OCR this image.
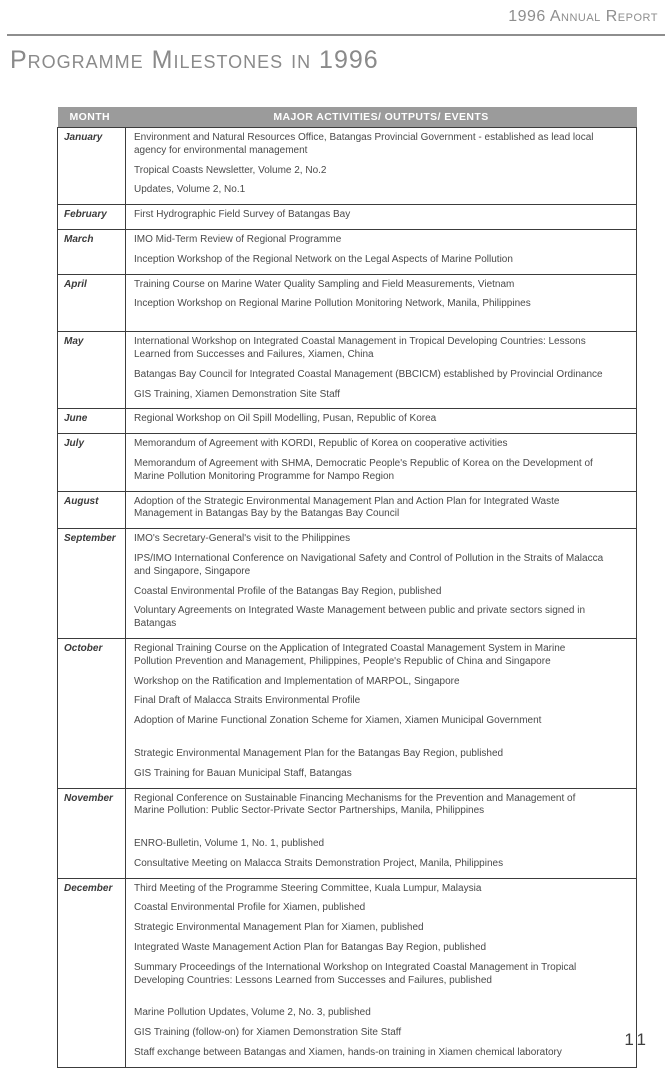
1996 Annual Report
Programme Milestones in 1996
MONTH	MAJOR ACTIVITIES/ OUTPUTS/ EVENTS
January	Environment and Natural Resources Office, Batangas Provincial Government - established as lead local agency for environmental management

Tropical Coasts Newsletter, Volume 2, No.2

Updates, Volume 2, No.1

February	First Hydrographic Field Survey of Batangas Bay

March	IMO Mid-Term Review of Regional Programme

Inception Workshop of the Regional Network on the Legal Aspects of Marine Pollution

April	Training Course on Marine Water Quality Sampling and Field Measurements, Vietnam

Inception Workshop on Regional Marine Pollution Monitoring Network, Manila, Philippines

May	International Workshop on Integrated Coastal Management in Tropical Developing Countries: Lessons Learned from Successes and Failures, Xiamen, China

Batangas Bay Council for Integrated Coastal Management (BBCICM) established by Provincial Ordinance

GIS Training, Xiamen Demonstration Site Staff

June	Regional Workshop on Oil Spill Modelling, Pusan, Republic of Korea

July	Memorandum of Agreement with KORDI, Republic of Korea on cooperative activities

Memorandum of Agreement with SHMA, Democratic People's Republic of Korea on the Development of Marine Pollution Monitoring Programme for Nampo Region

August	Adoption of the Strategic Environmental Management Plan and Action Plan for Integrated Waste Management in Batangas Bay by the Batangas Bay Council

September	IMO's Secretary-General's visit to the Philippines

IPS/IMO International Conference on Navigational Safety and Control of Pollution in the Straits of Malacca and Singapore, Singapore

Coastal Environmental Profile of the Batangas Bay Region, published

Voluntary Agreements on Integrated Waste Management between public and private sectors signed in Batangas

October	Regional Training Course on the Application of Integrated Coastal Management System in Marine Pollution Prevention and Management, Philippines, People's Republic of China and Singapore

Workshop on the Ratification and Implementation of MARPOL, Singapore

Final Draft of Malacca Straits Environmental Profile

Adoption of Marine Functional Zonation Scheme for Xiamen, Xiamen Municipal Government

Strategic Environmental Management Plan for the Batangas Bay Region, published

GIS Training for Bauan Municipal Staff, Batangas

November	Regional Conference on Sustainable Financing Mechanisms for the Prevention and Management of Marine Pollution: Public Sector-Private Sector Partnerships, Manila, Philippines

ENRO-Bulletin, Volume 1, No. 1, published

Consultative Meeting on Malacca Straits Demonstration Project, Manila, Philippines

December	Third Meeting of the Programme Steering Committee, Kuala Lumpur, Malaysia

Coastal Environmental Profile for Xiamen, published

Strategic Environmental Management Plan for Xiamen, published

Integrated Waste Management Action Plan for Batangas Bay Region, published

Summary Proceedings of the International Workshop on Integrated Coastal Management in Tropical Developing Countries: Lessons Learned from Successes and Failures, published

Marine Pollution Updates, Volume 2, No. 3, published

GIS Training (follow-on) for Xiamen Demonstration Site Staff

Staff exchange between Batangas and Xiamen, hands-on training in Xiamen chemical laboratory

11
